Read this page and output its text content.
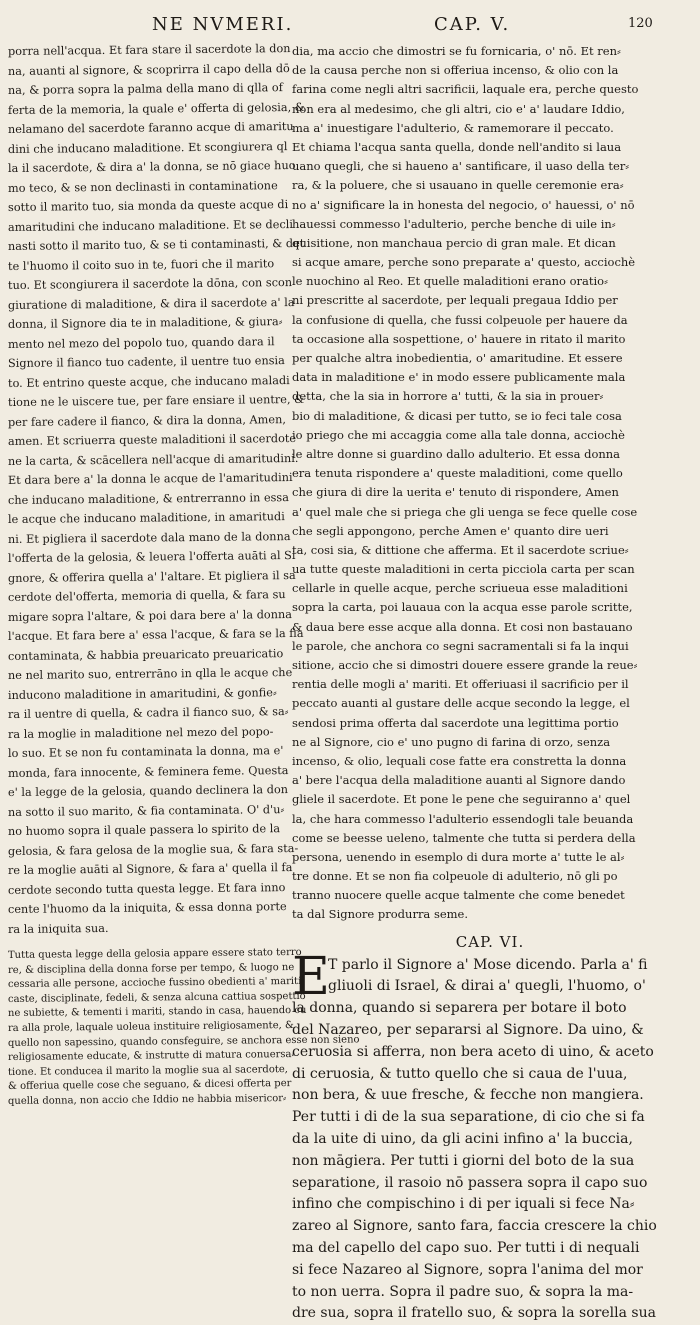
NE NVMERI.	CAP. V.	120
porra nell'acqua. Et fara stare il sacerdote la don
na, auanti al signore, & scoprirra il capo della dō
na, & porra sopra la palma della mano di qlla of
ferta de la memoria, la quale e' offerta di gelosia, &
nelamano del sacerdote faranno acque di amaritu
dini che inducano maladitione. Et scongiurera ql
la il sacerdote, & dira a' la donna, se nō giace huo
mo teco, & se non declinasti in contaminatione
sotto il marito tuo, sia monda da queste acque di
amaritudini che inducano maladitione. Et se decli
nasti sotto il marito tuo, & se ti contaminasti, & det
te l'huomo il coito suo in te, fuori che il marito
tuo. Et scongiurera il sacerdote la dōna, con scon
giuratione di maladitione, & dira il sacerdote a' la
donna, il Signore dia te in maladitione, & giura⸗
mento nel mezo del popolo tuo, quando dara il
Signore il fianco tuo cadente, il uentre tuo ensia
to. Et entrino queste acque, che inducano maladi
tione ne le uiscere tue, per fare ensiare il uentre, &
per fare cadere il fianco, & dira la donna, Amen,
amen. Et scriuerra queste maladitioni il sacerdote
ne la carta, & scācellera nell'acque di amaritudini.
Et dara bere a' la donna le acque de l'amaritudini
che inducano maladitione, & entrerranno in essa
le acque che inducano maladitione, in amaritudi
ni. Et pigliera il sacerdote dala mano de la donna
l'offerta de la gelosia, & leuera l'offerta auāti al Si
gnore, & offerira quella a' l'altare. Et pigliera il sa
cerdote del'offerta, memoria di quella, & fara su
migare sopra l'altare, & poi dara bere a' la donna
l'acque. Et fara bere a' essa l'acque, & fara se la fia
contaminata, & habbia preuaricato preuaricatio
ne nel marito suo, entrerrāno in qlla le acque che
inducono maladitione in amaritudini, & gonfie⸗
ra il uentre di quella, & cadra il fianco suo, & sa⸗
ra la moglie in maladitione nel mezo del popo-
lo suo. Et se non fu contaminata la donna, ma e'
monda, fara innocente, & feminera feme. Questa
e' la legge de la gelosia, quando declinera la don
na sotto il suo marito, & fia contaminata. O' d'u⸗
no huomo sopra il quale passera lo spirito de la
gelosia, & fara gelosa de la moglie sua, & fara sta-
re la moglie auāti al Signore, & fara a' quella il fa
cerdote secondo tutta questa legge. Et fara inno
cente l'huomo da la iniquita, & essa donna porte
ra la iniquita sua.
Tutta questa legge della gelosia appare essere stato terro
re, & disciplina della donna forse per tempo, & luogo ne
cessaria alle persone, accioche fussino obedienti a' mariti,
caste, disciplinate, fedeli, & senza alcuna cattiua sospettio
ne subiette, & tementi i mariti, stando in casa, hauendo cu
ra alla prole, laquale uoleua instituire religiosamente, &
quello non sapessino, quando consfeguire, se anchora esse non sieno
religiosamente educate, & instrutte di matura conuersa⸗
tione. Et conducea il marito la moglie sua al sacerdote,
& offeriua quelle cose che seguano, & dicesi offerta per
quella donna, non accio che Iddio ne habbia misericor⸗
dia, ma accio che dimostri se fu fornicaria, o' nō. Et ren⸗
de la causa perche non si offeriua incenso, & olio con la
farina come negli altri sacrificii, laquale era, perche questo
non era al medesimo, che gli altri, cio e' a' laudare Iddio,
ma a' inuestigare l'adulterio, & ramemorare il peccato.
Et chiama l'acqua santa quella, donde nell'andito si laua
uano quegli, che si haueno a' santificare, il uaso della ter⸗
ra, & la poluere, che si usauano in quelle ceremonie era⸗
no a' significare la in honesta del negocio, o' hauessi, o' nō
hauessi commesso l'adulterio, perche benche di uile in⸗
quisitione, non manchaua percio di gran male. Et dican
si acque amare, perche sono preparate a' questo, acciochè
le nuochino al Reo. Et quelle maladitioni erano oratio⸗
ni prescritte al sacerdote, per lequali pregaua Iddio per
la confusione di quella, che fussi colpeuole per hauere da
ta occasione alla sospettione, o' hauere in ritato il marito
per qualche altra inobedientia, o' amaritudine. Et essere
data in maladitione e' in modo essere publicamente mala
detta, che la sia in horrore a' tutti, & la sia in prouer⸗
bio di maladitione, & dicasi per tutto, se io feci tale cosa
io priego che mi accaggia come alla tale donna, acciochè
le altre donne si guardino dallo adulterio. Et essa donna
era tenuta rispondere a' queste maladitioni, come quello
che giura di dire la uerita e' tenuto di rispondere, Amen
a' quel male che si priega che gli uenga se fece quelle cose
che segli appongono, perche Amen e' quanto dire ueri
ta, cosi sia, & dittione che afferma. Et il sacerdote scriue⸗
ua tutte queste maladitioni in certa picciola carta per scan
cellarle in quelle acque, perche scriueua esse maladitioni
sopra la carta, poi lauaua con la acqua esse parole scritte,
& daua bere esse acque alla donna. Et cosi non bastauano
le parole, che anchora co segni sacramentali si fa la inqui
sitione, accio che si dimostri douere essere grande la reue⸗
rentia delle mogli a' mariti. Et offeriuasi il sacrificio per il
peccato auanti al gustare delle acque secondo la legge, el
sendosi prima offerta dal sacerdote una legittima portio
ne al Signore, cio e' uno pugno di farina di orzo, senza
incenso, & olio, lequali cose fatte era constretta la donna
a' bere l'acqua della maladitione auanti al Signore dando
gliele il sacerdote. Et pone le pene che seguiranno a' quel
la, che hara commesso l'adulterio essendogli tale beuanda
come se beesse ueleno, talmente che tutta si perdera della
persona, uenendo in esemplo di dura morte a' tutte le al⸗
tre donne. Et se non fia colpeuole di adulterio, nō gli po
tranno nuocere quelle acque talmente che come benedet
ta dal Signore produrra seme.
CAP. VI.
E
T parlo il Signore a' Mose dicendo. Parla a' fi
gliuoli di Israel, & dirai a' quegli, l'huomo, o'
la donna, quando si separera per botare il boto
del Nazareo, per separarsi al Signore. Da uino, &
ceruosia si afferra, non bera aceto di uino, & aceto
di ceruosia, & tutto quello che si caua de l'uua,
non bera, & uue fresche, & fecche non mangiera.
Per tutti i di de la sua separatione, di cio che si fa
da la uite di uino, da gli acini infino a' la buccia,
non māgiera. Per tutti i giorni del boto de la sua
separatione, il rasoio nō passera sopra il capo suo
infino che compischino i di per iquali si fece Na⸗
zareo al Signore, santo fara, faccia crescere la chio
ma del capello del capo suo. Per tutti i di nequali
si fece Nazareo al Signore, sopra l'anima del mor
to non uerra. Sopra il padre suo, & sopra la ma-
dre sua, sopra il fratello suo, & sopra la sorella sua
